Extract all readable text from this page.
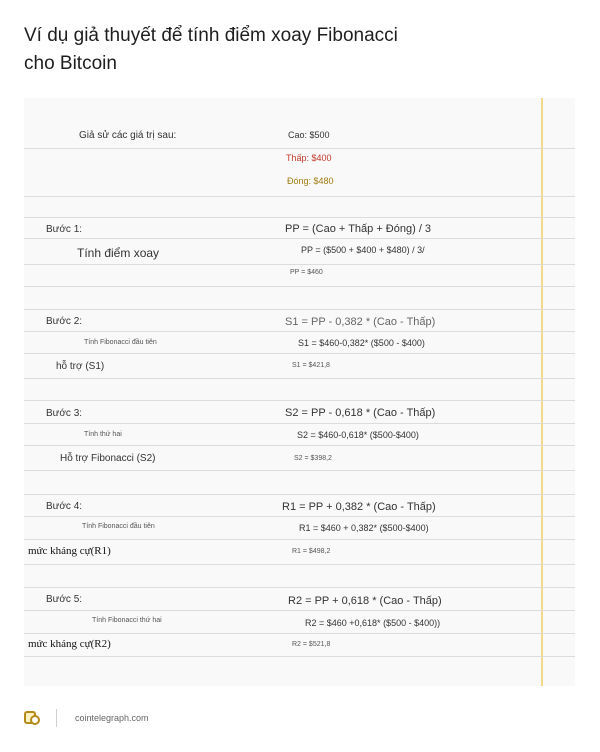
Ví dụ giả thuyết để tính điểm xoay Fibonacci
cho Bitcoin
Giả sử các giá trị sau:	Cao: $500
Thấp: $400
Đóng: $480
Bước 1:	PP = (Cao + Thấp + Đóng) / 3
Tính điểm xoay	PP = ($500 + $400 + $480) / 3/
PP = $460
Bước 2:	S1 = PP - 0,382 * (Cao - Thấp)
Tính Fibonacci đầu tiên	S1 = $460-0,382* ($500 - $400)
hỗ trợ (S1)	S1 = $421,8
Bước 3:	S2 = PP - 0,618 * (Cao - Thấp)
Tính thứ hai	S2 = $460-0,618* ($500-$400)
Hỗ trợ Fibonacci (S2)	S2 = $398,2
Bước 4:	R1 = PP + 0,382 * (Cao - Thấp)
Tính Fibonacci đầu tiên	R1 = $460 + 0,382* ($500-$400)
mức kháng cự(R1)	R1 = $498,2
Bước 5:	R2 = PP + 0,618 * (Cao - Thấp)
Tính Fibonacci thứ hai	R2 = $460 +0,618* ($500 - $400))
mức kháng cự(R2)	R2 = $521,8
cointelegraph.com
